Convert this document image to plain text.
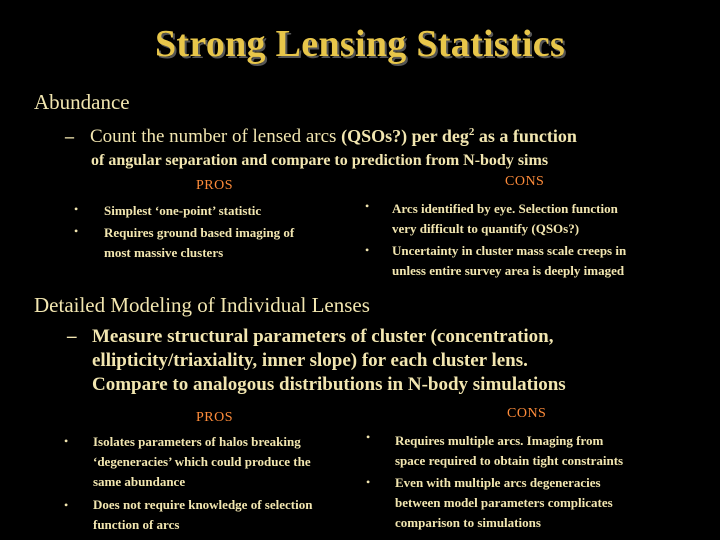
Strong Lensing Statistics
Abundance
– Count the number of lensed arcs (QSOs?) per deg$^2$ as a function
of angular separation and compare to prediction from N-body sims
PROS	CONS
• Simplest ‘one-point’ statistic
• Requires ground based imaging of
most massive clusters
• Arcs identified by eye. Selection function
very difficult to quantify (QSOs?)
• Uncertainty in cluster mass scale creeps in
unless entire survey area is deeply imaged
Detailed Modeling of Individual Lenses
– Measure structural parameters of cluster (concentration,
ellipticity/triaxiality, inner slope) for each cluster lens.
Compare to analogous distributions in N-body simulations
PROS	CONS
• Isolates parameters of halos breaking
‘degeneracies’ which could produce the
same abundance
• Does not require knowledge of selection
function of arcs
• Requires multiple arcs. Imaging from
space required to obtain tight constraints
• Even with multiple arcs degeneracies
between model parameters complicates
comparison to simulations
